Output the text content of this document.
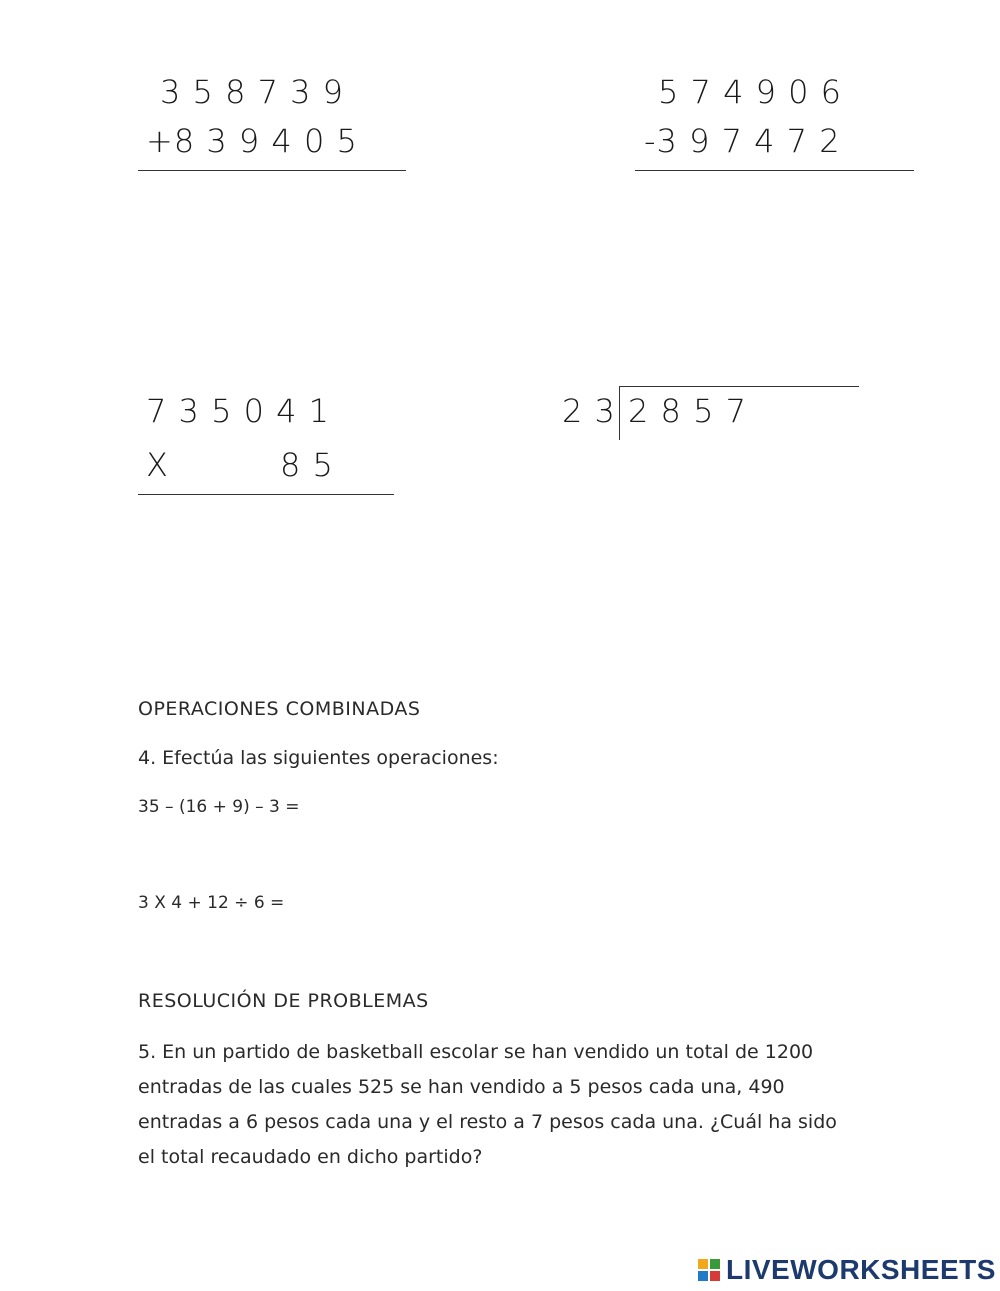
3 5 8 7 3 9
+8 3 9 4 0 5
5 7 4 9 0 6
-3 9 7 4 7 2
7 3 5 0 4 1
X	8 5
2 3 2 8 5 7
OPERACIONES COMBINADAS
4. Efectúa las siguientes operaciones:
35 – (16 + 9) – 3 =
3 X 4 + 12 ÷ 6 =
RESOLUCIÓN DE PROBLEMAS
5. En un partido de basketball escolar se han vendido un total de 1200 entradas de las cuales 525 se han vendido a 5 pesos cada una, 490 entradas a 6 pesos cada una y el resto a 7 pesos cada una. ¿Cuál ha sido el total recaudado en dicho partido?
LIVEWORKSHEETS
